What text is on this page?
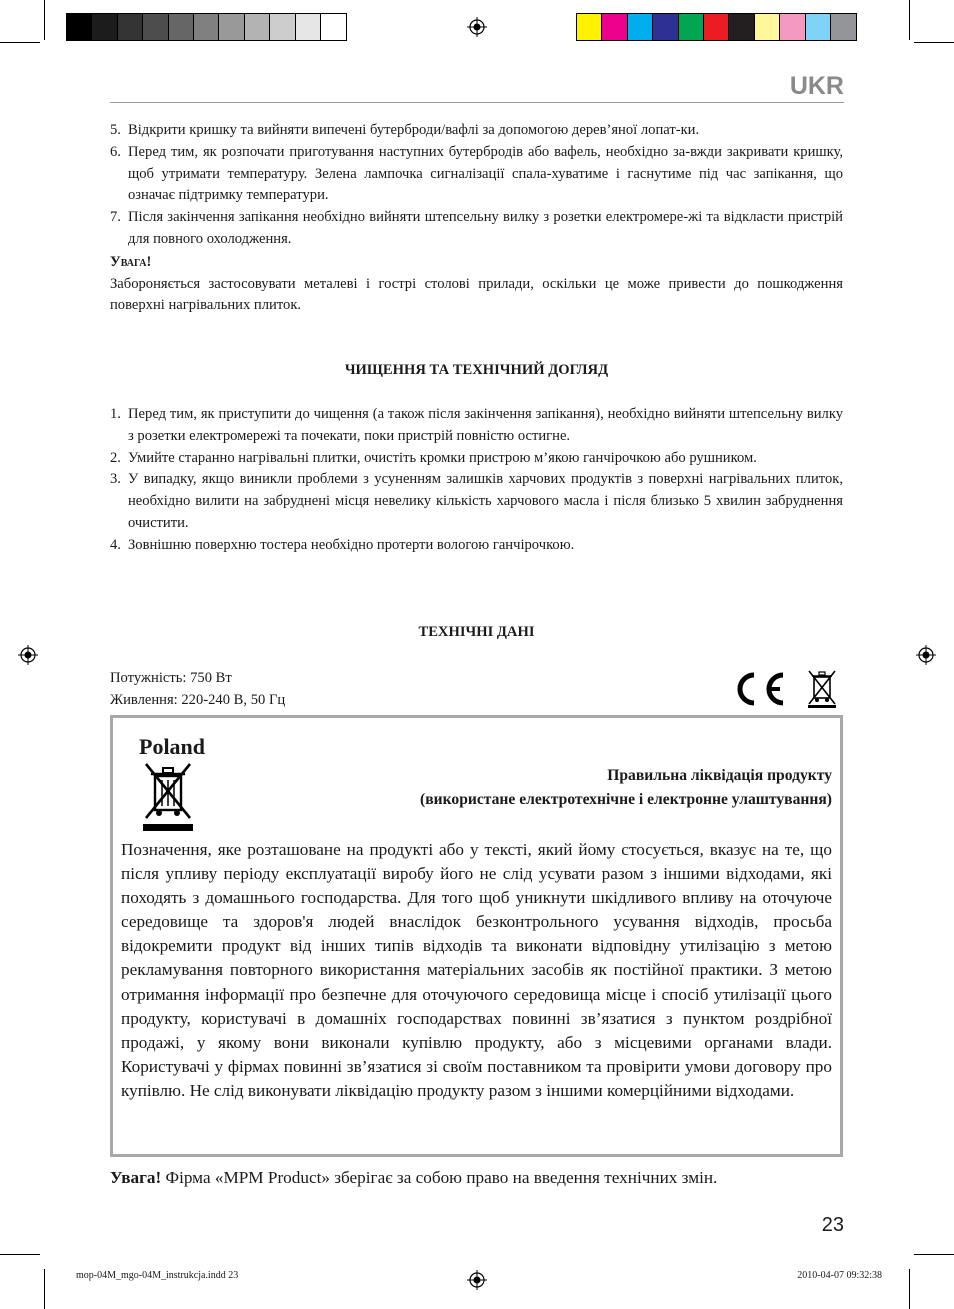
UKR
5. Відкрити кришку та вийняти випечені бутерброди/вафлі за допомогою дерев’яної лопат-ки.
6. Перед тим, як розпочати приготування наступних бутербродів або вафель, необхідно за-вжди закривати кришку, щоб утримати температуру. Зелена лампочка сигналізації спала-хуватиме і гаснутиме під час запікання, що означає підтримку температури.
7. Після закінчення запікання необхідно вийняти штепсельну вилку з розетки електромере-жі та відкласти пристрій для повного охолодження.
Увага!
Забороняється застосовувати металеві і гострі столові прилади, оскільки це може привести до пошкодження поверхні нагрівальних плиток.
ЧИЩЕННЯ ТА ТЕХНІЧНИЙ ДОГЛЯД
1. Перед тим, як приступити до чищення (а також після закінчення запікання), необхідно вийняти штепсельну вилку з розетки електромережі та почекати, поки пристрій повністю остигне.
2. Умийте старанно нагрівальні плитки, очистіть кромки пристрою м’якою ганчірочкою або рушником.
3. У випадку, якщо виникли проблеми з усуненням залишків харчових продуктів з поверхні нагрівальних плиток, необхідно вилити на забруднені місця невелику кількість харчового масла і після близько 5 хвилин забруднення очистити.
4. Зовнішню поверхню тостера необхідно протерти вологою ганчірочкою.
ТЕХНІЧНІ ДАНІ
Потужність: 750 Вт
Живлення: 220-240 В, 50 Гц
Poland
Правильна ліквідація продукту
(використане електротехнічне і електронне улаштування)
Позначення, яке розташоване на продукті або у тексті, який йому стосується, вказує на те, що після упливу періоду експлуатації виробу його не слід усувати разом з іншими відходами, які походять з домашнього господарства. Для того щоб уникнути шкідливого впливу на оточуюче середовище та здоров'я людей внаслідок безконтрольного усування відходів, просьба відокремити продукт від інших типів відходів та виконати відповідну утилізацію з метою рекламування повторного використання матеріальних засобів як постійної практики. З метою отримання інформації про безпечне для оточуючого середовища місце і спосіб утилізації цього продукту, користувачі в домашніх господарствах повинні зв’язатися з пунктом роздрібної продажі, у якому вони виконали купівлю продукту, або з місцевими органами влади. Користувачі у фірмах повинні зв’язатися зі своїм поставником та провірити умови договору про купівлю. Не слід виконувати ліквідацію продукту разом з іншими комерційними відходами.
Увага! Фірма «MPM Product» зберігає за собою право на введення технічних змін.
23
mop-04M_mgo-04M_instrukcja.indd 23	2010-04-07 09:32:38
